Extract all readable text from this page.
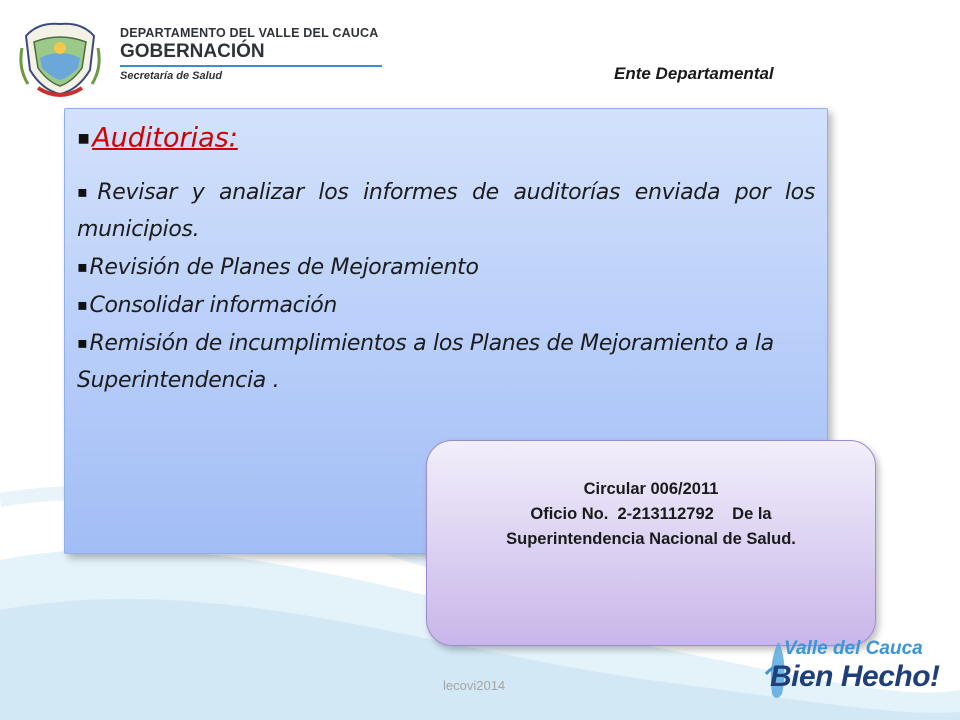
DEPARTAMENTO DEL VALLE DEL CAUCA
GOBERNACIÓN
Secretaría de Salud	Ente Departamental
▪Auditorias:
▪Revisar y analizar los informes de auditorías enviada por los municipios.
▪Revisión de Planes de Mejoramiento
▪Consolidar información
▪Remisión de incumplimientos a los Planes de Mejoramiento a la Superintendencia .
Circular 006/2011
Oficio No.  2-213112792    De la
Superintendencia Nacional de Salud.
lecovi2014
Valle del Cauca
Bien Hecho!
